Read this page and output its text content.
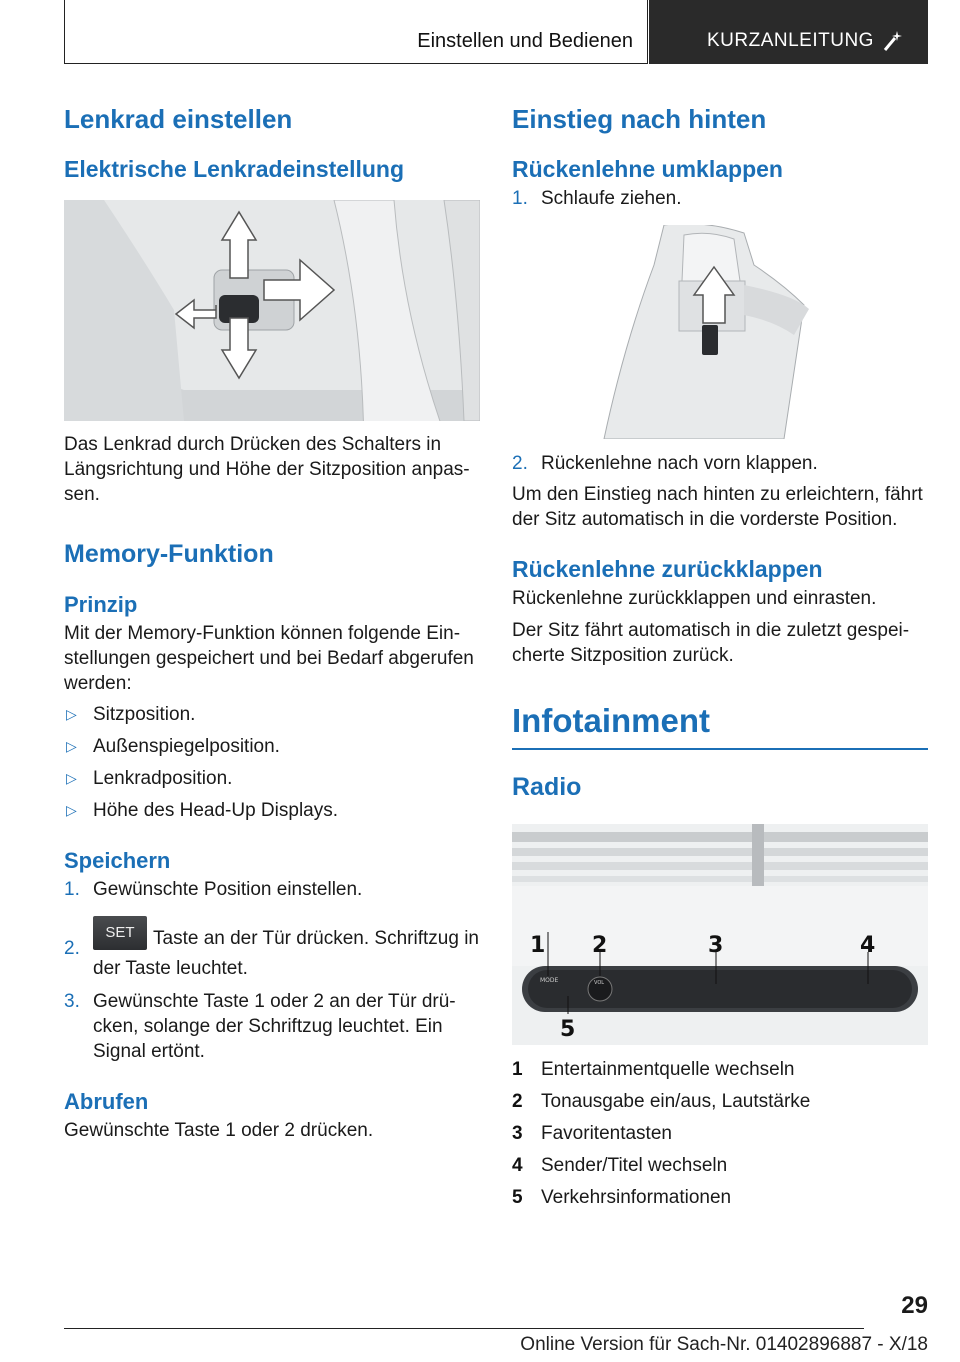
Einstellen und Bedienen	KURZANLEITUNG
Lenkrad einstellen
Elektrische Lenkradeinstellung

Das Lenkrad durch Drücken des Schalters in Längsrichtung und Höhe der Sitzposition anpassen.

Memory-Funktion
Prinzip

Mit der Memory-Funktion können folgende Einstellungen gespeichert und bei Bedarf abgerufen werden:

▷ Sitzposition.
▷ Außenspiegelposition.
▷ Lenkradposition.
▷ Höhe des Head-Up Displays.
Speichern
1. Gewünschte Position einstellen.
2.
SET Taste an der Tür drücken. Schriftzug in der Taste leuchtet.
3. Gewünschte Taste 1 oder 2 an der Tür drücken, solange der Schriftzug leuchtet. Ein Signal ertönt.
Abrufen

Gewünschte Taste 1 oder 2 drücken.

Einstieg nach hinten
Rückenlehne umklappen
1. Schlaufe ziehen.
2. Rückenlehne nach vorn klappen.

Um den Einstieg nach hinten zu erleichtern, fährt der Sitz automatisch in die vorderste Position.

Rückenlehne zurückklappen

Rückenlehne zurückklappen und einrasten.

Der Sitz fährt automatisch in die zuletzt gespeicherte Sitzposition zurück.

Infotainment
Radio
MODE	VOL
1 2	3	4
5
1 Entertainmentquelle wechseln
2 Tonausgabe ein/aus, Lautstärke
3 Favoritentasten
4 Sender/Titel wechseln
5 Verkehrsinformationen
29
Online Version für Sach-Nr. 01402896887 - X/18
